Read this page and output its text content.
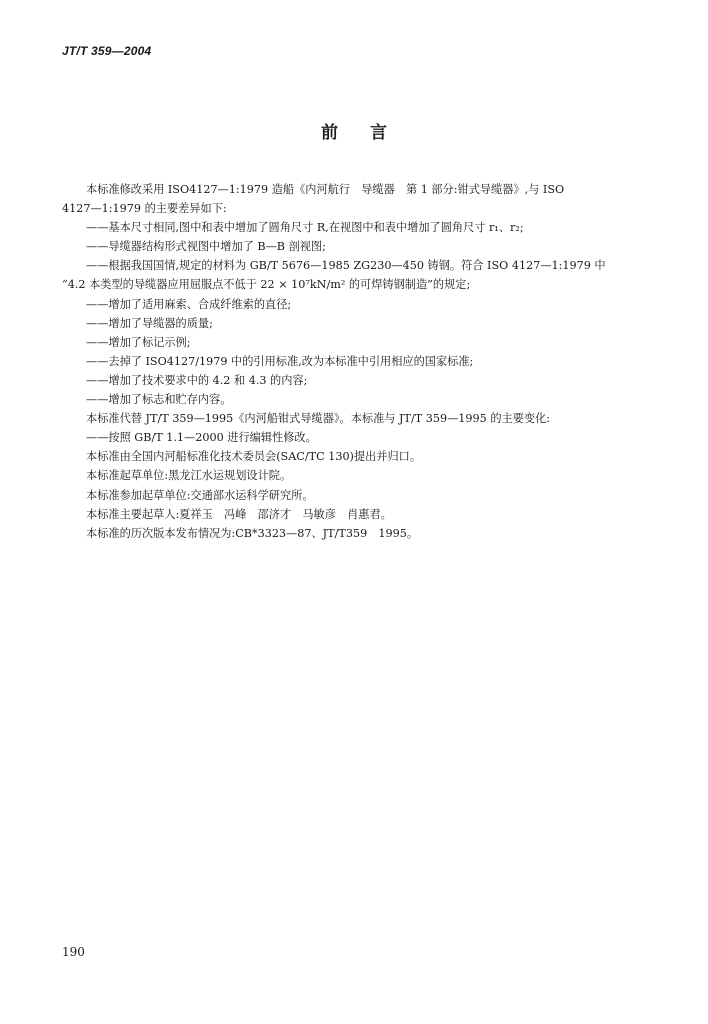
JT/T 359—2004
前 言
本标准修改采用 ISO4127—1:1979 造船《内河航行　导缆器　第 1 部分:钳式导缆器》,与 ISO
4127—1:1979 的主要差异如下:
——基本尺寸相同,图中和表中增加了圆角尺寸 R,在视图中和表中增加了圆角尺寸 r₁、r₂;
——导缆器结构形式视图中增加了 B—B 剖视图;
——根据我国国情,规定的材料为 GB/T 5676—1985 ZG230—450 铸钢。符合 ISO 4127—1:1979 中
“4.2 本类型的导缆器应用屈服点不低于 22 × 10⁷kN/m² 的可焊铸钢制造”的规定;
——增加了适用麻索、合成纤维索的直径;
——增加了导缆器的质量;
——增加了标记示例;
——去掉了 ISO4127/1979 中的引用标准,改为本标准中引用相应的国家标准;
——增加了技术要求中的 4.2 和 4.3 的内容;
——增加了标志和贮存内容。
本标准代替 JT/T 359—1995《内河船钳式导缆器》。本标准与 JT/T 359—1995 的主要变化:
——按照 GB/T 1.1—2000 进行编辑性修改。
本标准由全国内河船标准化技术委员会(SAC/TC 130)提出并归口。
本标准起草单位:黑龙江水运规划设计院。
本标准参加起草单位:交通部水运科学研究所。
本标准主要起草人:夏祥玉　冯峰　邵济才　马敏彦　肖惠君。
本标准的历次版本发布情况为:CB*3323—87、JT/T359　1995。
190
